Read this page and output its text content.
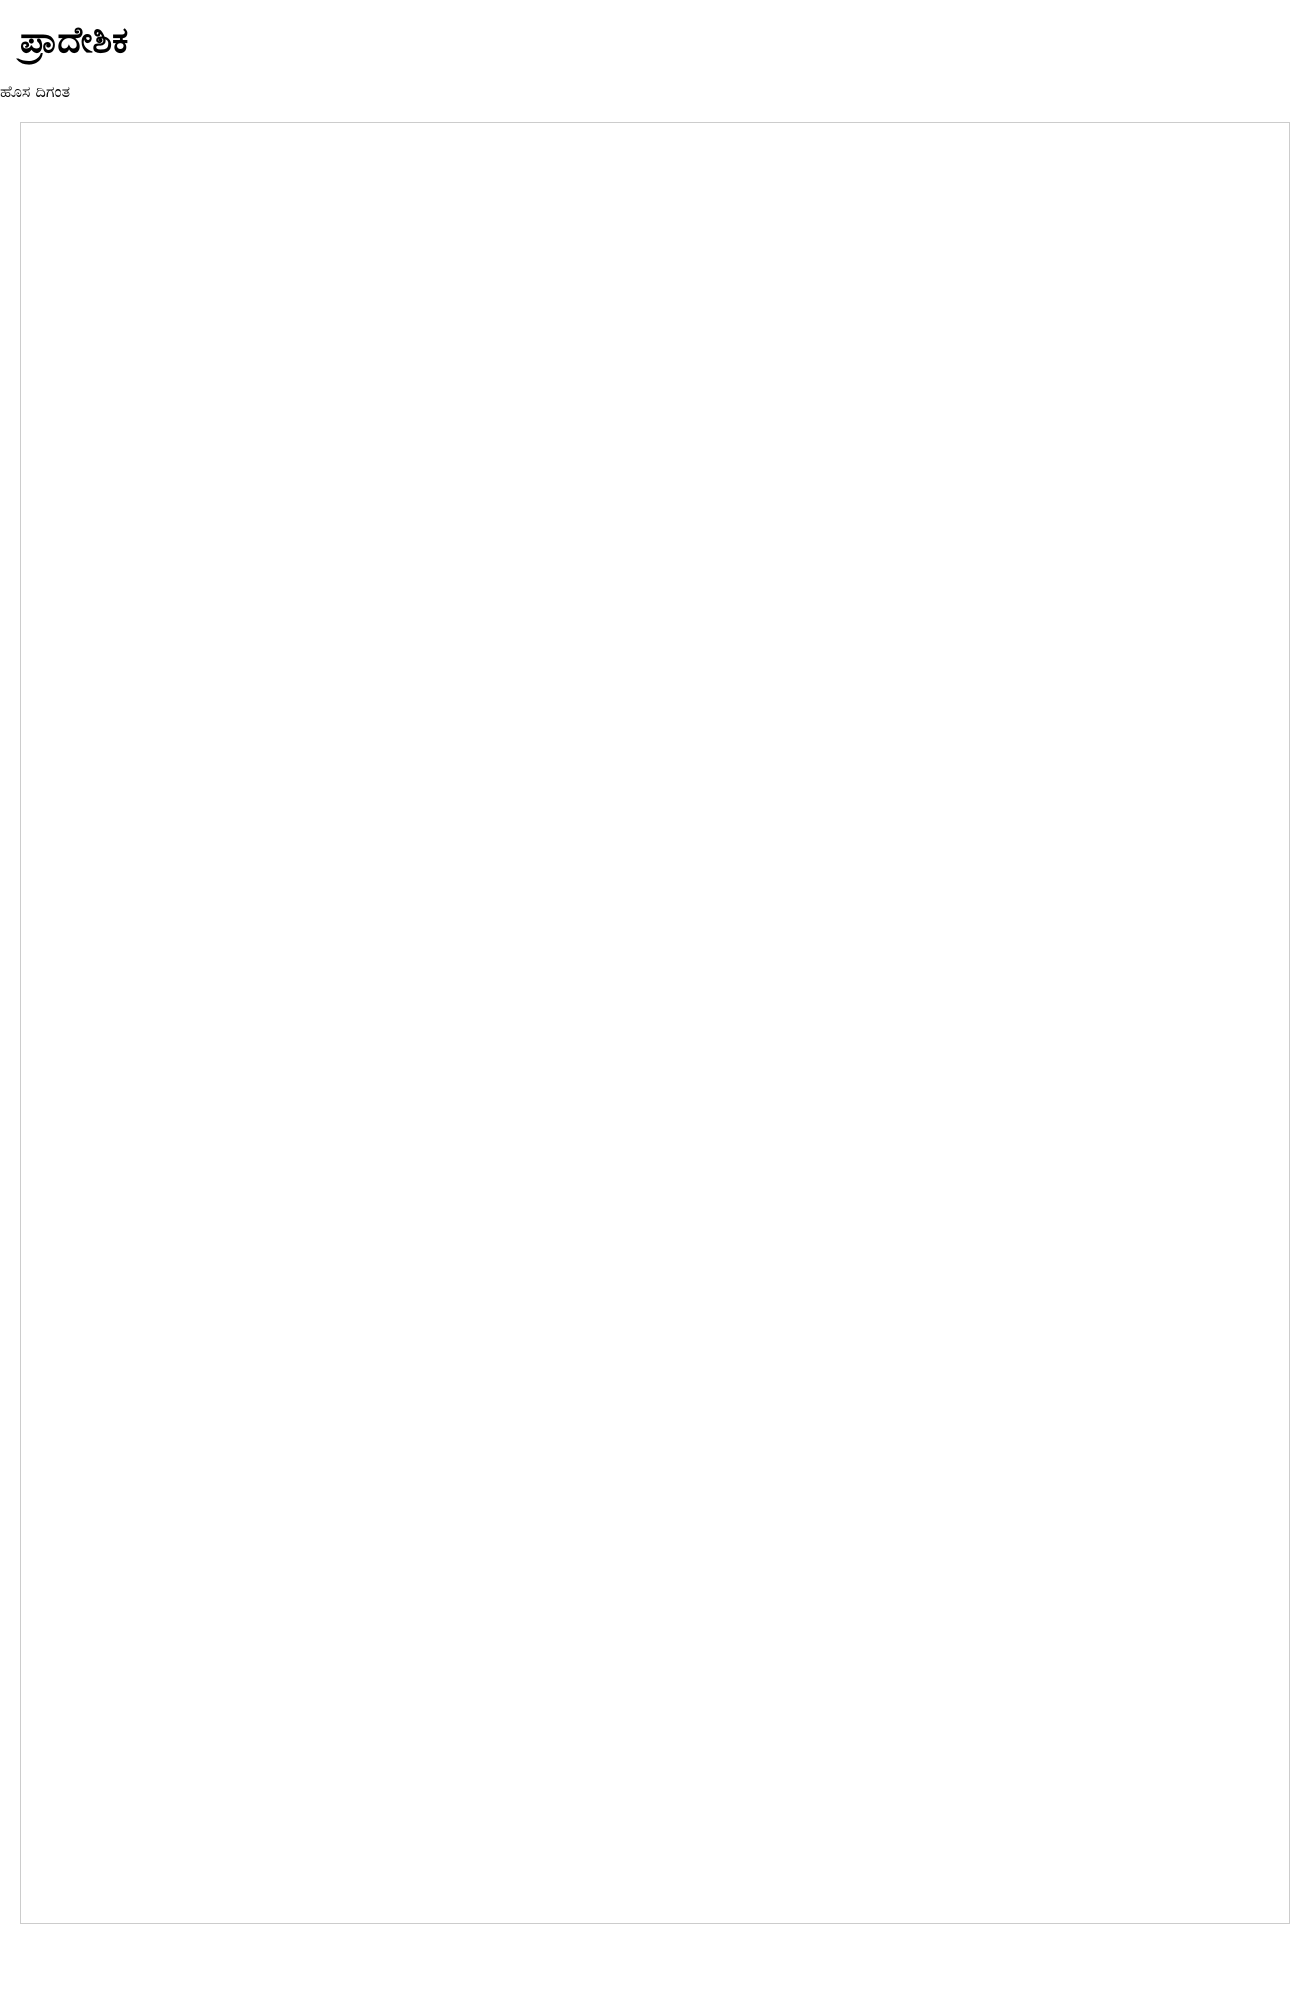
ಪ್ರಾದೇಶಿಕ
ಹೊಸ ದಿಗಂತ
